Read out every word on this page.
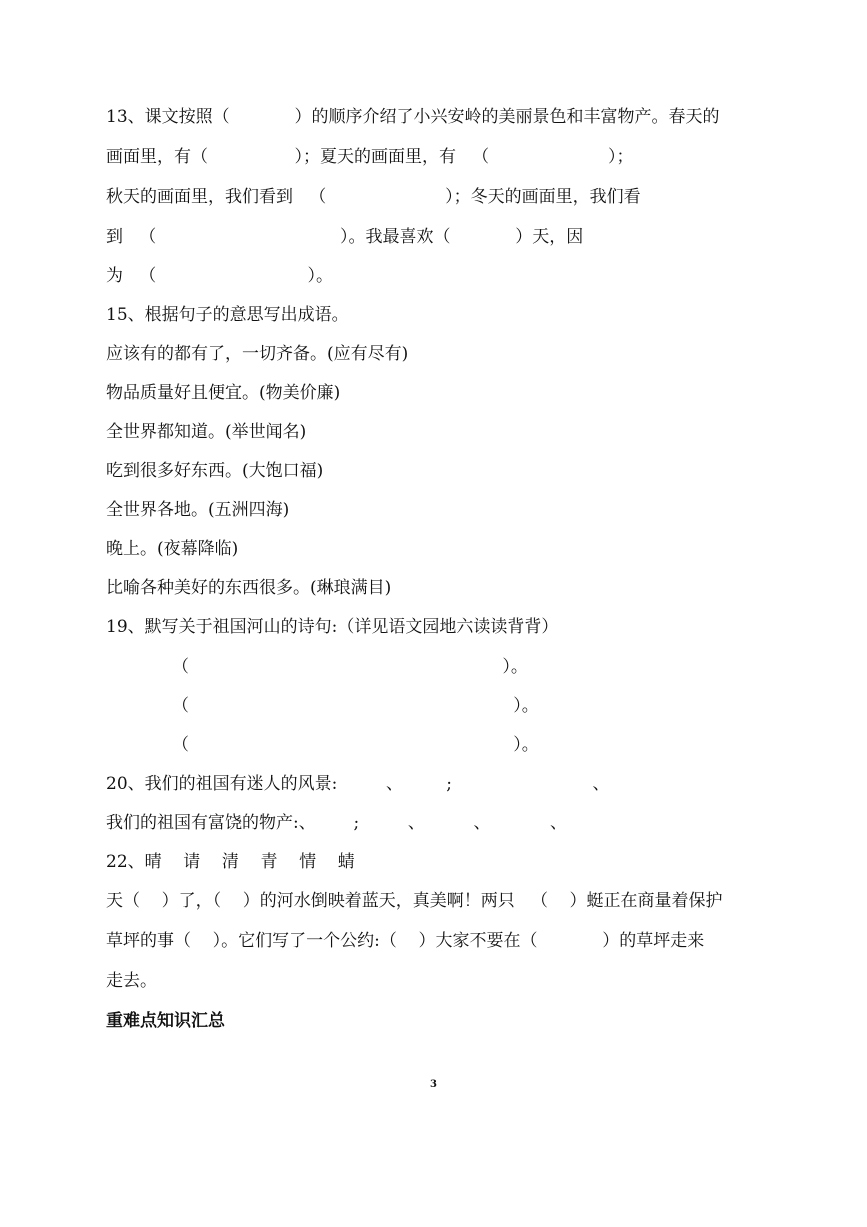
13、课文按照（            ）的顺序介绍了小兴安岭的美丽景色和丰富物产。春天的
画面里，有（                ）；夏天的画面里，有   （                      ）；
秋天的画面里，我们看到   （                      ）；冬天的画面里，我们看
到   （                                  ）。我最喜欢（            ）天，因
为   （                            ）。
15、根据句子的意思写出成语。
应该有的都有了，一切齐备。(应有尽有)
物品质量好且便宜。(物美价廉)
全世界都知道。(举世闻名)
吃到很多好东西。(大饱口福)
全世界各地。(五洲四海)
晚上。(夜幕降临)
比喻各种美好的东西很多。(琳琅满目)
19、默写关于祖国河山的诗句:（详见语文园地六读读背背）
（                                                          ）。
（                                                            ）。
（                                                            ）。
20、我们的祖国有迷人的风景:         、        ;                          、
我们的祖国有富饶的物产:、       ;         、         、           、
22、晴    请    清    青    情    蜻
天（    ）了，（    ）的河水倒映着蓝天，真美啊！两只   （    ）蜓正在商量着保护
草坪的事（    ）。它们写了一个公约:（    ）大家不要在（            ）的草坪走来
走去。
重难点知识汇总
3
